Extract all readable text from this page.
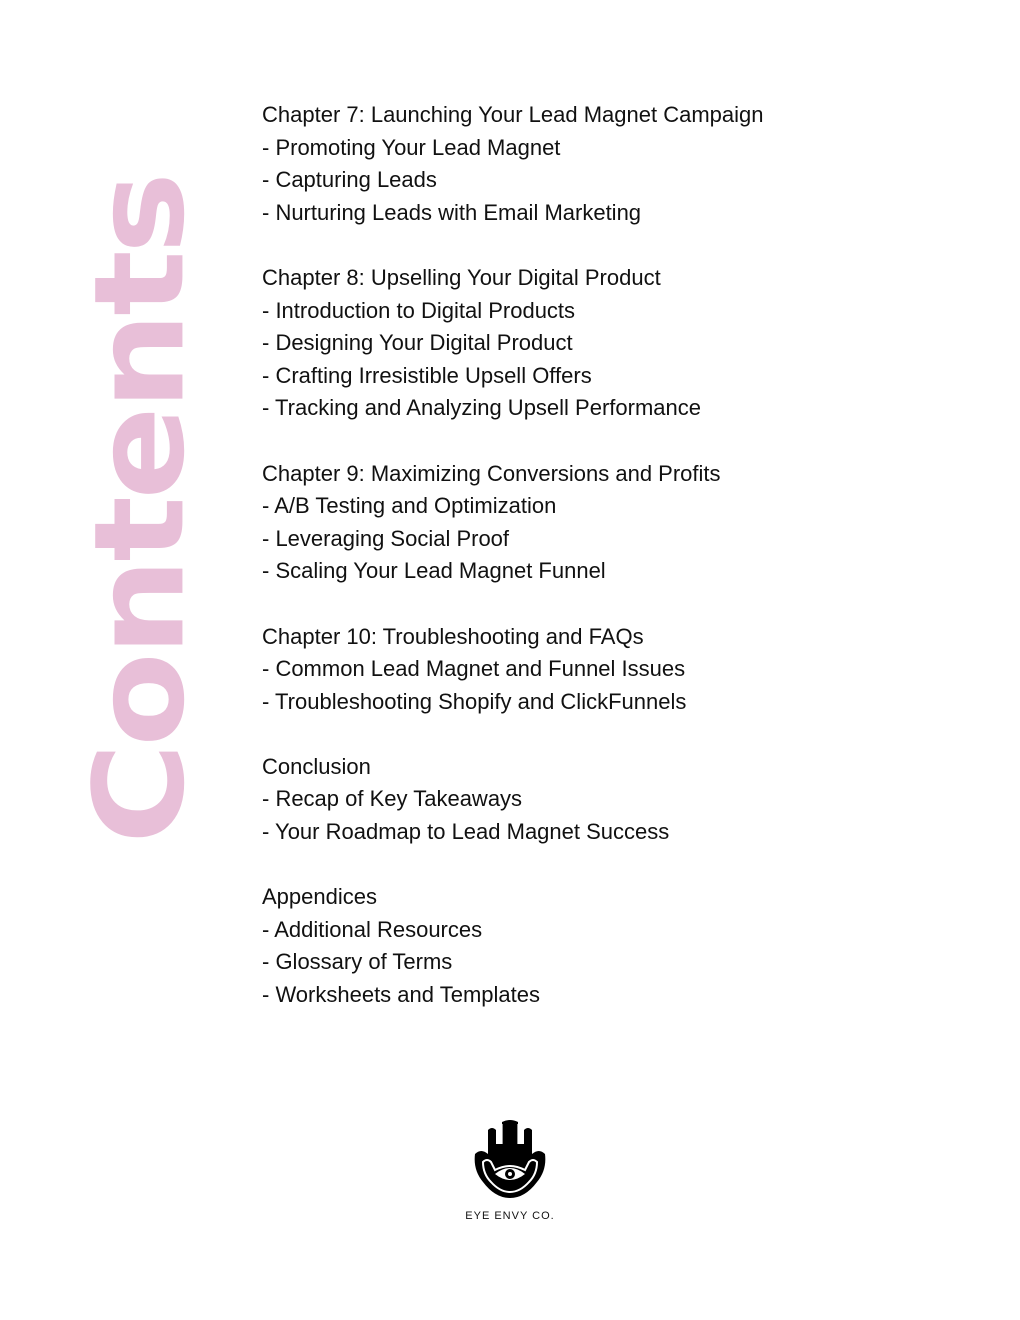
Contents
Chapter 7: Launching Your Lead Magnet Campaign
- Promoting Your Lead Magnet
- Capturing Leads
- Nurturing Leads with Email Marketing
Chapter 8: Upselling Your Digital Product
- Introduction to Digital Products
- Designing Your Digital Product
- Crafting Irresistible Upsell Offers
- Tracking and Analyzing Upsell Performance
Chapter 9: Maximizing Conversions and Profits
- A/B Testing and Optimization
- Leveraging Social Proof
- Scaling Your Lead Magnet Funnel
Chapter 10: Troubleshooting and FAQs
- Common Lead Magnet and Funnel Issues
- Troubleshooting Shopify and ClickFunnels
Conclusion
- Recap of Key Takeaways
- Your Roadmap to Lead Magnet Success
Appendices
- Additional Resources
- Glossary of Terms
- Worksheets and Templates
EYE ENVY CO.
